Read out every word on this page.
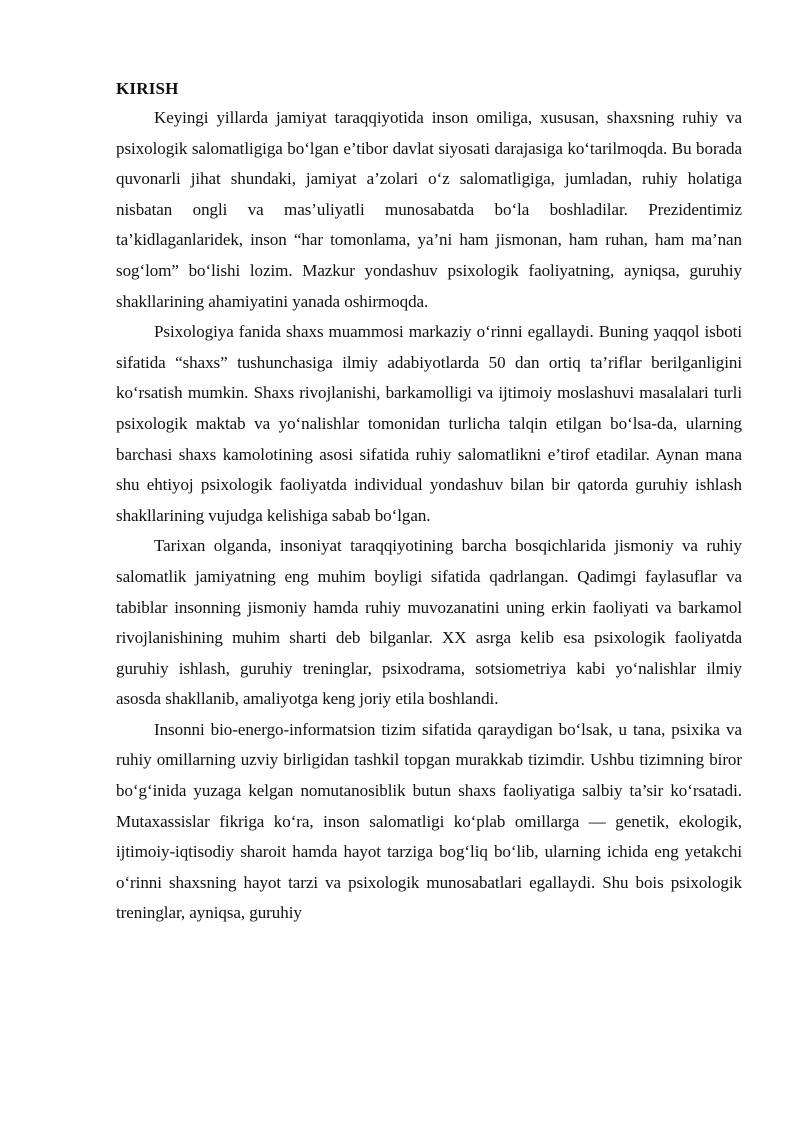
KIRISH

Keyingi yillarda jamiyat taraqqiyotida inson omiliga, xususan, shaxsning ruhiy va psixologik salomatligiga bo‘lgan e’tibor davlat siyosati darajasiga ko‘tarilmoqda. Bu borada quvonarli jihat shundaki, jamiyat a’zolari o‘z salomatligiga, jumladan, ruhiy holatiga nisbatan ongli va mas’uliyatli munosabatda bo‘la boshladilar. Prezidentimiz ta’kidlaganlaridek, inson “har tomonlama, ya’ni ham jismonan, ham ruhan, ham ma’nan sog‘lom” bo‘lishi lozim. Mazkur yondashuv psixologik faoliyatning, ayniqsa, guruhiy shakllarining ahamiyatini yanada oshirmoqda.

Psixologiya fanida shaxs muammosi markaziy o‘rinni egallaydi. Buning yaqqol isboti sifatida “shaxs” tushunchasiga ilmiy adabiyotlarda 50 dan ortiq ta’riflar berilganligini ko‘rsatish mumkin. Shaxs rivojlanishi, barkamolligi va ijtimoiy moslashuvi masalalari turli psixologik maktab va yo‘nalishlar tomonidan turlicha talqin etilgan bo‘lsa-da, ularning barchasi shaxs kamolotining asosi sifatida ruhiy salomatlikni e’tirof etadilar. Aynan mana shu ehtiyoj psixologik faoliyatda individual yondashuv bilan bir qatorda guruhiy ishlash shakllarining vujudga kelishiga sabab bo‘lgan.

Tarixan olganda, insoniyat taraqqiyotining barcha bosqichlarida jismoniy va ruhiy salomatlik jamiyatning eng muhim boyligi sifatida qadrlangan. Qadimgi faylasuflar va tabiblar insonning jismoniy hamda ruhiy muvozanatini uning erkin faoliyati va barkamol rivojlanishining muhim sharti deb bilganlar. XX asrga kelib esa psixologik faoliyatda guruhiy ishlash, guruhiy treninglar, psixodrama, sotsiometriya kabi yo‘nalishlar ilmiy asosda shakllanib, amaliyotga keng joriy etila boshlandi.

Insonni bio-energo-informatsion tizim sifatida qaraydigan bo‘lsak, u tana, psixika va ruhiy omillarning uzviy birligidan tashkil topgan murakkab tizimdir. Ushbu tizimning biror bo‘g‘inida yuzaga kelgan nomutanosiblik butun shaxs faoliyatiga salbiy ta’sir ko‘rsatadi. Mutaxassislar fikriga ko‘ra, inson salomatligi ko‘plab omillarga — genetik, ekologik, ijtimoiy-iqtisodiy sharoit hamda hayot tarziga bog‘liq bo‘lib, ularning ichida eng yetakchi o‘rinni shaxsning hayot tarzi va psixologik munosabatlari egallaydi. Shu bois psixologik treninglar, ayniqsa, guruhiy
